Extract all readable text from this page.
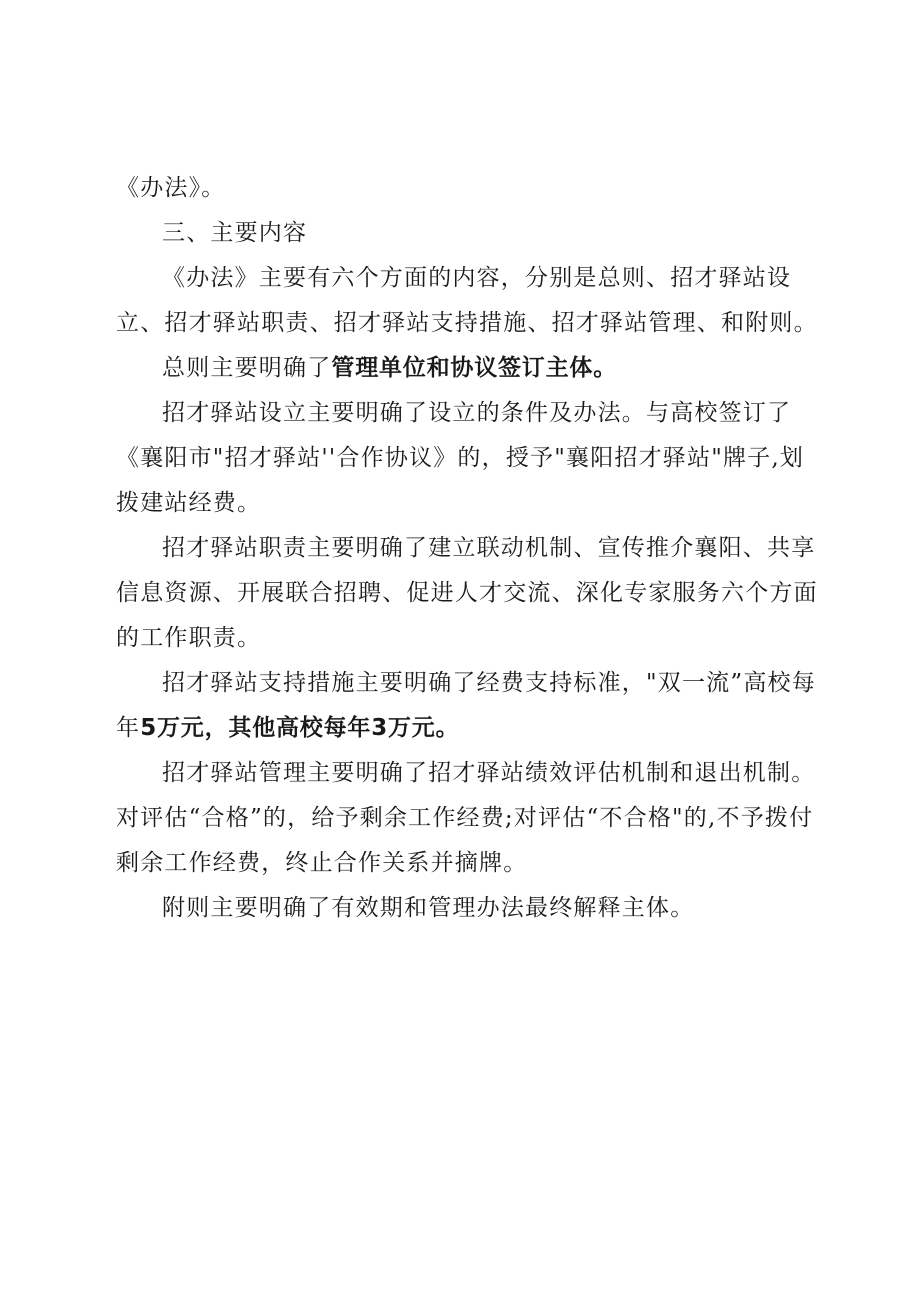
《办法》。

三、主要内容

《办法》主要有六个方面的内容，分别是总则、招才驿站设立、招才驿站职责、招才驿站支持措施、招才驿站管理、和附则。

总则主要明确了管理单位和协议签订主体。

招才驿站设立主要明确了设立的条件及办法。与高校签订了《襄阳市"招才驿站''合作协议》的，授予"襄阳招才驿站"牌子,划拨建站经费。

招才驿站职责主要明确了建立联动机制、宣传推介襄阳、共享信息资源、开展联合招聘、促进人才交流、深化专家服务六个方面的工作职责。

招才驿站支持措施主要明确了经费支持标准，"双一流”高校每年5万元，其他高校每年3万元。

招才驿站管理主要明确了招才驿站绩效评估机制和退出机制。对评估“合格”的，给予剩余工作经费;对评估“不合格"的,不予拨付剩余工作经费，终止合作关系并摘牌。

附则主要明确了有效期和管理办法最终解释主体。
